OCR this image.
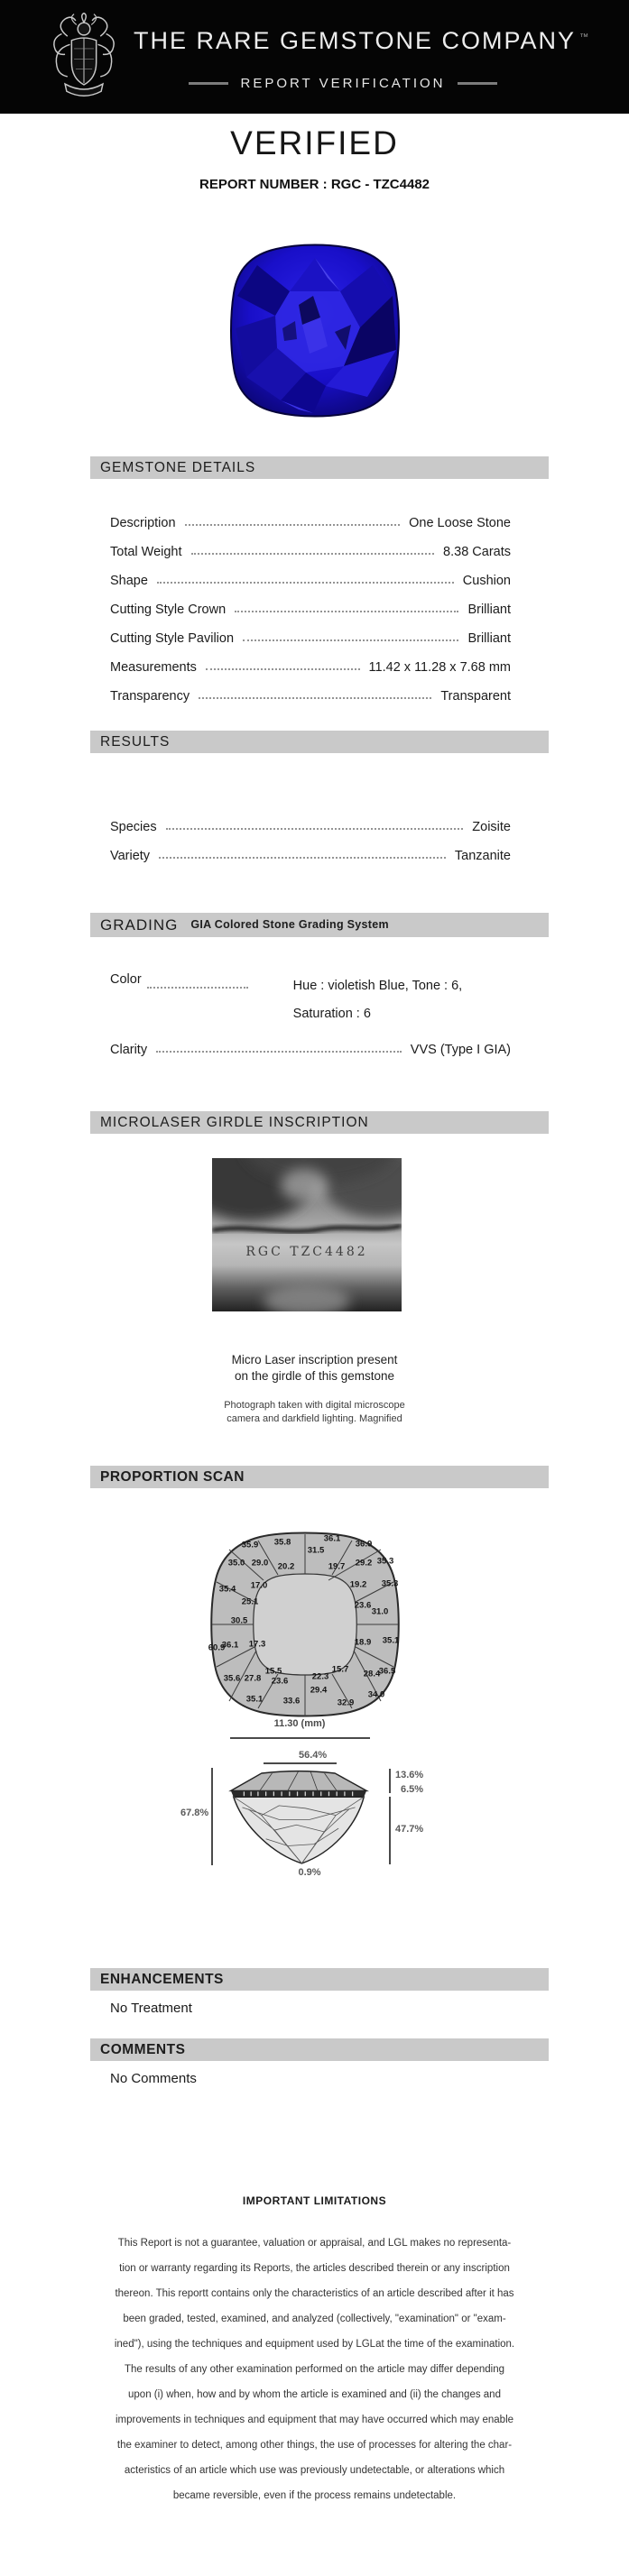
THE RARE GEMSTONE COMPANY ™
REPORT VERIFICATION
VERIFIED
REPORT NUMBER : RGC - TZC4482
GEMSTONE DETAILS
Description	One Loose Stone
Total Weight	8.38 Carats
Shape	Cushion
Cutting Style Crown	Brilliant
Cutting Style Pavilion	Brilliant
Measurements	11.42 x 11.28 x 7.68 mm
Transparency	Transparent
RESULTS
Species	Zoisite
Variety	Tanzanite
GRADING GIA Colored Stone Grading System
Color	Hue : violetish Blue, Tone : 6,
Saturation : 6
Clarity	VVS (Type I GIA)
MICROLASER GIRDLE INSCRIPTION
RGC TZC4482
Micro Laser inscription present
on the girdle of this gemstone
Photograph taken with digital microscope
camera and darkfield lighting. Magnified
PROPORTION SCAN
35.9 35.8	36.1
36.9
31.5
35.0 29.0 20.2	19.7 29.2 35.3
35.4 17.0	19.2 35.3
25.1	23.6
31.0
30.5
60.9
36.1 17.3	18.9 35.1
15.5
23.6	22.3
15.7 28.4
36.5
35.6 27.8
29.4	34.0
35.1 33.6	32.9
11.30 (mm)
56.4%
67.8%
13.6%
6.5%
47.7%
0.9%
ENHANCEMENTS
No Treatment
COMMENTS
No Comments
IMPORTANT LIMITATIONS

This Report is not a guarantee, valuation or appraisal, and LGL makes no representa-

tion or warranty regarding its Reports, the articles described therein or any inscription

thereon. This reportt contains only the characteristics of an article described after it has

been graded, tested, examined, and analyzed (collectively, "examination" or "exam-

ined"), using the techniques and equipment used by LGLat the time of the examination.

The results of any other examination performed on the article may differ depending

upon (i) when, how and by whom the article is examined and (ii) the changes and

improvements in techniques and equipment that may have occurred which may enable

the examiner to detect, among other things, the use of processes for altering the char-

acteristics of an article which use was previously undetectable, or alterations which

became reversible, even if the process remains undetectable.
